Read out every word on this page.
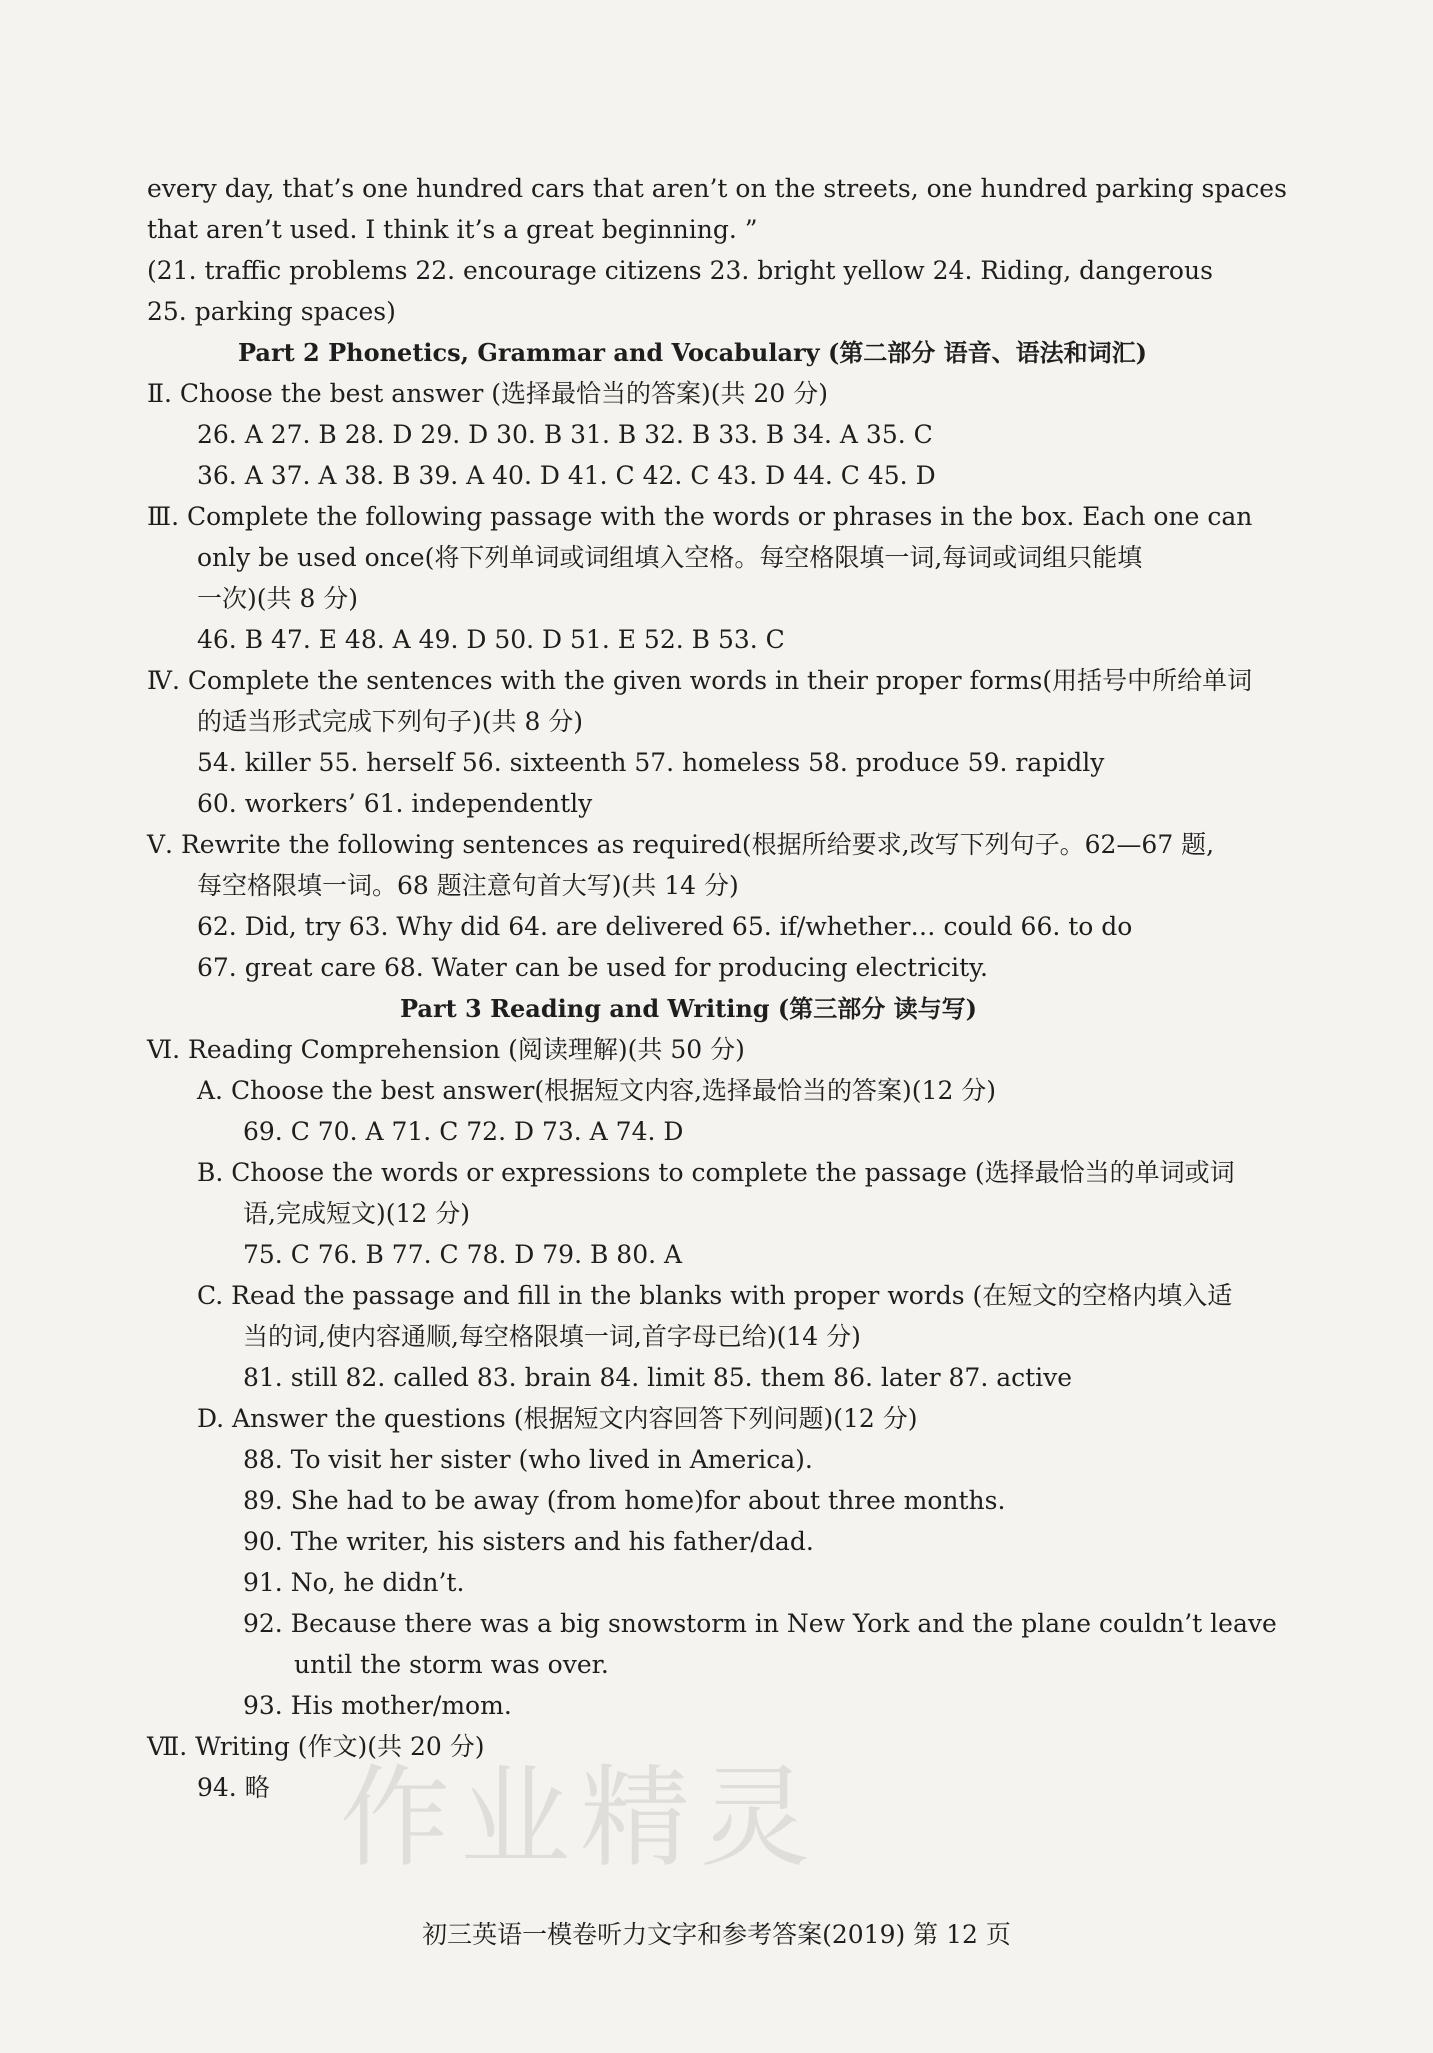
every day, that’s one hundred cars that aren’t on the streets, one hundred parking spaces
that aren’t used. I think it’s a great beginning. ”
(21. traffic problems 22. encourage citizens 23. bright yellow 24. Riding, dangerous
25. parking spaces)
Part 2 Phonetics, Grammar and Vocabulary (第二部分 语音、语法和词汇)
Ⅱ. Choose the best answer (选择最恰当的答案)(共 20 分)
26. A 27. B 28. D 29. D 30. B 31. B 32. B 33. B 34. A 35. C
36. A 37. A 38. B 39. A 40. D 41. C 42. C 43. D 44. C 45. D
Ⅲ. Complete the following passage with the words or phrases in the box. Each one can
only be used once(将下列单词或词组填入空格。每空格限填一词,每词或词组只能填
一次)(共 8 分)
46. B 47. E 48. A 49. D 50. D 51. E 52. B 53. C
Ⅳ. Complete the sentences with the given words in their proper forms(用括号中所给单词
的适当形式完成下列句子)(共 8 分)
54. killer 55. herself 56. sixteenth 57. homeless 58. produce 59. rapidly
60. workers’ 61. independently
Ⅴ. Rewrite the following sentences as required(根据所给要求,改写下列句子。62—67 题,
每空格限填一词。68 题注意句首大写)(共 14 分)
62. Did, try 63. Why did 64. are delivered 65. if/whether… could 66. to do
67. great care 68. Water can be used for producing electricity.
Part 3 Reading and Writing (第三部分 读与写)
Ⅵ. Reading Comprehension (阅读理解)(共 50 分)
A. Choose the best answer(根据短文内容,选择最恰当的答案)(12 分)
69. C 70. A 71. C 72. D 73. A 74. D
B. Choose the words or expressions to complete the passage (选择最恰当的单词或词
语,完成短文)(12 分)
75. C 76. B 77. C 78. D 79. B 80. A
C. Read the passage and fill in the blanks with proper words (在短文的空格内填入适
当的词,使内容通顺,每空格限填一词,首字母已给)(14 分)
81. still 82. called 83. brain 84. limit 85. them 86. later 87. active
D. Answer the questions (根据短文内容回答下列问题)(12 分)
88. To visit her sister (who lived in America).
89. She had to be away (from home)for about three months.
90. The writer, his sisters and his father/dad.
91. No, he didn’t.
92. Because there was a big snowstorm in New York and the plane couldn’t leave
until the storm was over.
93. His mother/mom.
Ⅶ. Writing (作文)(共 20 分)
94. 略 作业精灵
初三英语一模卷听力文字和参考答案(2019) 第 12 页
